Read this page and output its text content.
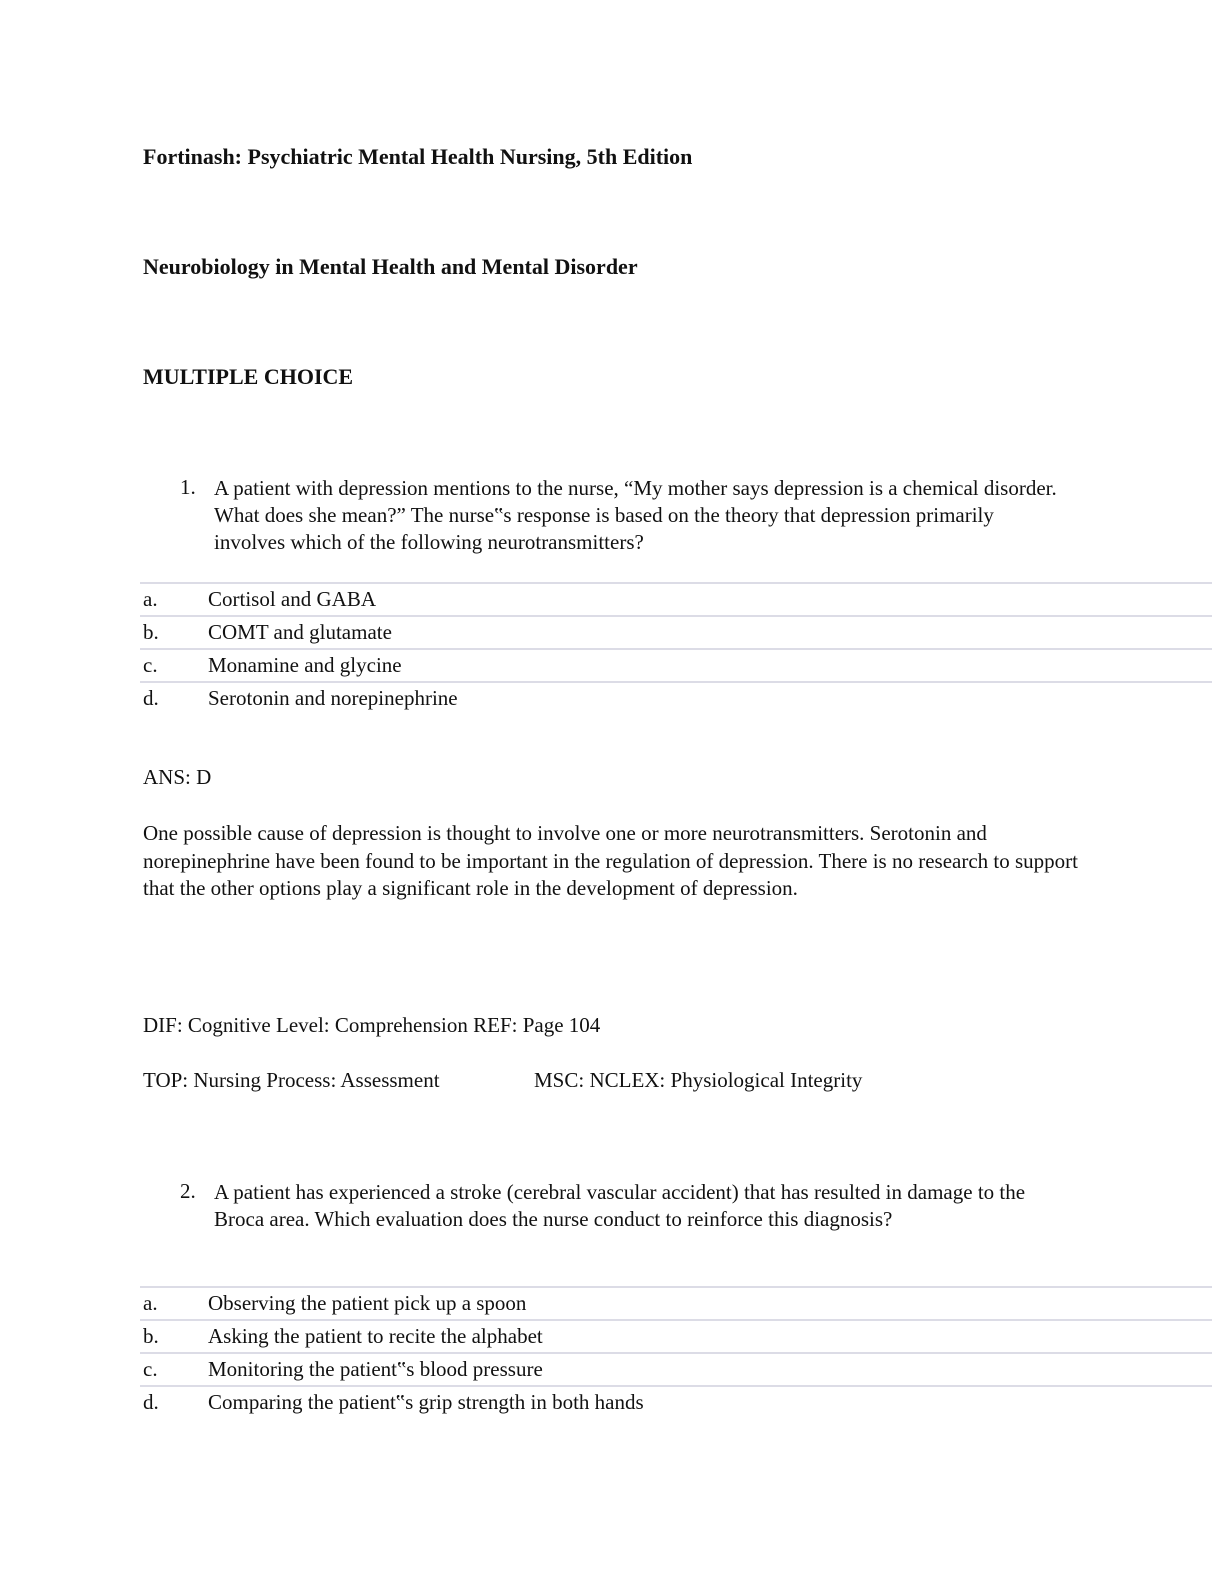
Fortinash: Psychiatric Mental Health Nursing, 5th Edition
Neurobiology in Mental Health and Mental Disorder
MULTIPLE CHOICE
1. A patient with depression mentions to the nurse, “My mother says depression is a chemical disorder. What does she mean?” The nurse‟s response is based on the theory that depression primarily involves which of the following neurotransmitters?
a. Cortisol and GABA
b. COMT and glutamate
c. Monamine and glycine
d. Serotonin and norepinephrine
ANS: D
One possible cause of depression is thought to involve one or more neurotransmitters. Serotonin and norepinephrine have been found to be important in the regulation of depression. There is no research to support that the other options play a significant role in the development of depression.
DIF: Cognitive Level: Comprehension REF: Page 104
TOP: Nursing Process: Assessment	MSC: NCLEX: Physiological Integrity
2. A patient has experienced a stroke (cerebral vascular accident) that has resulted in damage to the Broca area. Which evaluation does the nurse conduct to reinforce this diagnosis?
a. Observing the patient pick up a spoon
b. Asking the patient to recite the alphabet
c. Monitoring the patient‟s blood pressure
d. Comparing the patient‟s grip strength in both hands
